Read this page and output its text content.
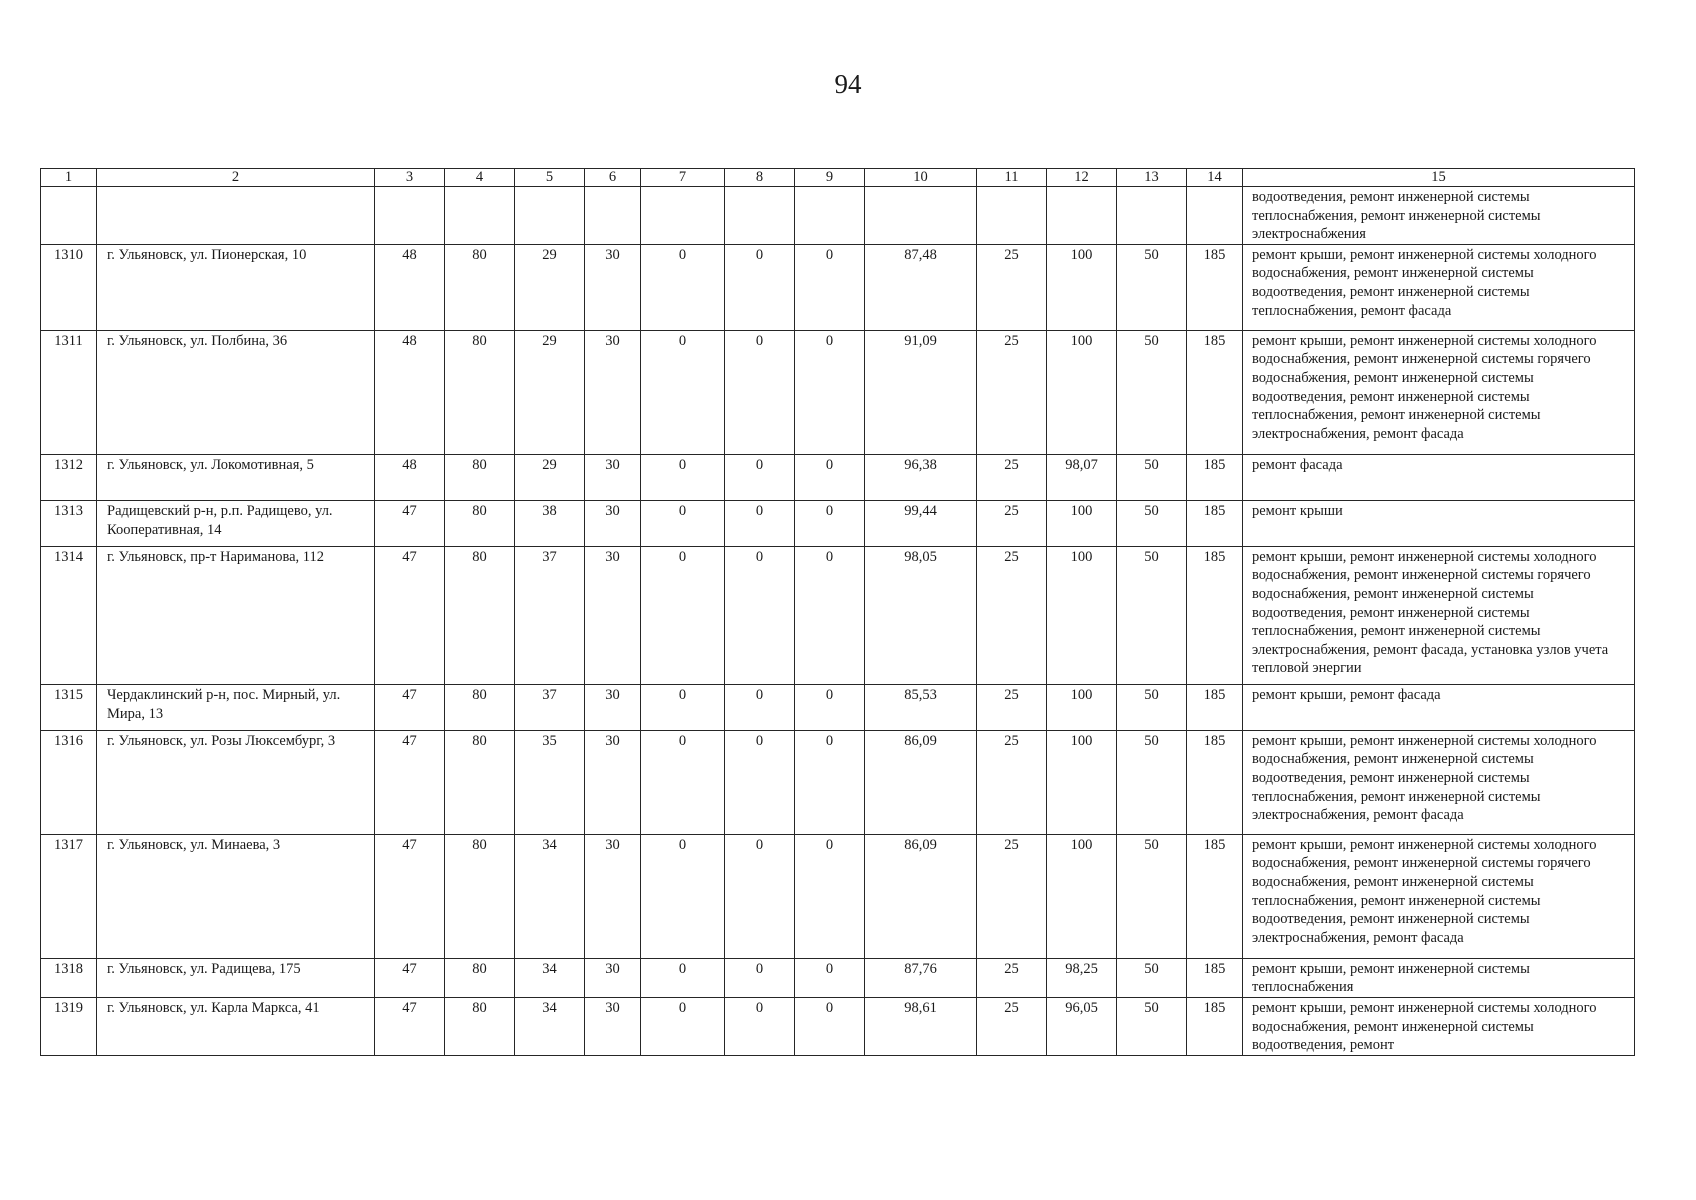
94
1	2	3	4	5	6	7	8	9	10	11	12	13	14	15
														водоотведения, ремонт инженерной системы теплоснабжения, ремонт инженерной системы электроснабжения
1310	г. Ульяновск, ул. Пионерская, 10	48	80	29	30	0	0	0	87,48	25	100	50	185	ремонт крыши, ремонт инженерной системы холодного водоснабжения, ремонт инженерной системы водоотведения, ремонт инженерной системы теплоснабжения, ремонт фасада
1311	г. Ульяновск, ул. Полбина, 36	48	80	29	30	0	0	0	91,09	25	100	50	185	ремонт крыши, ремонт инженерной системы холодного водоснабжения, ремонт инженерной системы горячего водоснабжения, ремонт инженерной системы водоотведения, ремонт инженерной системы теплоснабжения, ремонт инженерной системы электроснабжения, ремонт фасада
1312	г. Ульяновск, ул. Локомотивная, 5	48	80	29	30	0	0	0	96,38	25	98,07	50	185	ремонт фасада
1313	Радищевский р-н, р.п. Радищево, ул. Кооперативная, 14	47	80	38	30	0	0	0	99,44	25	100	50	185	ремонт крыши
1314	г. Ульяновск, пр-т Нариманова, 112	47	80	37	30	0	0	0	98,05	25	100	50	185	ремонт крыши, ремонт инженерной системы холодного водоснабжения, ремонт инженерной системы горячего водоснабжения, ремонт инженерной системы водоотведения, ремонт инженерной системы теплоснабжения, ремонт инженерной системы электроснабжения, ремонт фасада, установка узлов учета тепловой энергии
1315	Чердаклинский р-н, пос. Мирный, ул. Мира, 13	47	80	37	30	0	0	0	85,53	25	100	50	185	ремонт крыши, ремонт фасада
1316	г. Ульяновск, ул. Розы Люксембург, 3	47	80	35	30	0	0	0	86,09	25	100	50	185	ремонт крыши, ремонт инженерной системы холодного водоснабжения, ремонт инженерной системы водоотведения, ремонт инженерной системы теплоснабжения, ремонт инженерной системы электроснабжения, ремонт фасада
1317	г. Ульяновск, ул. Минаева, 3	47	80	34	30	0	0	0	86,09	25	100	50	185	ремонт крыши, ремонт инженерной системы холодного водоснабжения, ремонт инженерной системы горячего водоснабжения, ремонт инженерной системы теплоснабжения, ремонт инженерной системы водоотведения, ремонт инженерной системы электроснабжения, ремонт фасада
1318	г. Ульяновск, ул. Радищева, 175	47	80	34	30	0	0	0	87,76	25	98,25	50	185	ремонт крыши, ремонт инженерной системы теплоснабжения
1319	г. Ульяновск, ул. Карла Маркса, 41	47	80	34	30	0	0	0	98,61	25	96,05	50	185	ремонт крыши, ремонт инженерной системы холодного водоснабжения, ремонт инженерной системы водоотведения, ремонт
